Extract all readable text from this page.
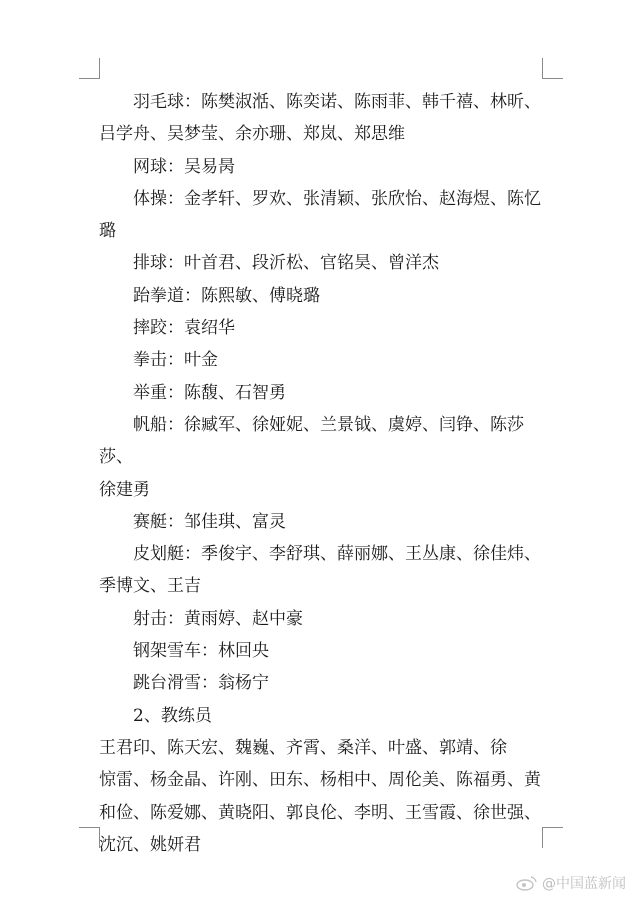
羽毛球：陈樊淑湉、陈奕诺、陈雨菲、韩千禧、林昕、

吕学舟、吴梦莹、余亦珊、郑岚、郑思维

网球：吴易昺

体操：金孝轩、罗欢、张清颖、张欣怡、赵海煜、陈忆

璐

排球：叶首君、段沂松、官铭昊、曾洋杰

跆拳道：陈熙敏、傅晓璐

摔跤：袁绍华

拳击：叶金

举重：陈馥、石智勇

帆船：徐臧军、徐娅妮、兰景钺、虞婷、闫铮、陈莎莎、

徐建勇

赛艇：邹佳琪、富灵

皮划艇：季俊宇、李舒琪、薛丽娜、王丛康、徐佳炜、

季博文、王吉

射击：黄雨婷、赵中豪

钢架雪车：林回央

跳台滑雪：翁杨宁

2、教练员

王君印、陈天宏、魏巍、齐霄、桑洋、叶盛、郭靖、徐

惊雷、杨金晶、许刚、田东、杨相中、周伦美、陈福勇、黄

和俭、陈爱娜、黄晓阳、郭良伦、李明、王雪霞、徐世强、

沈沉、姚妍君

@中国蓝新闻
